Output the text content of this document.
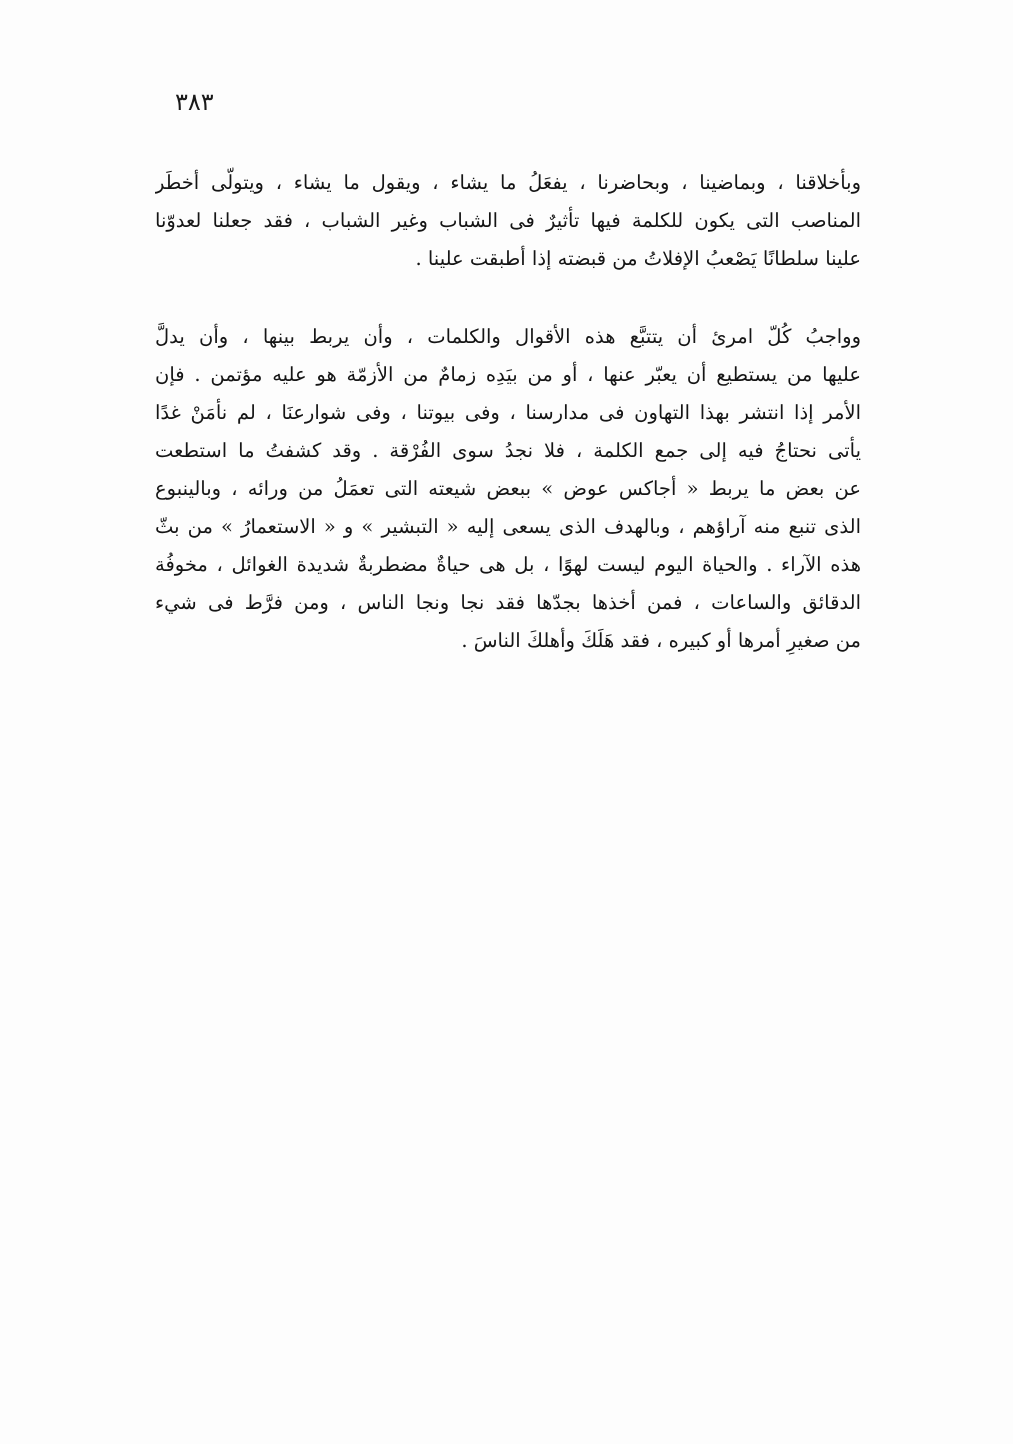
٣٨٣
وبأخلاقنا ، وبماضينا ، وبحاضرنا ، يفعَلُ ما يشاء ، ويقول ما يشاء ، ويتولّى أخطَر
المناصب التى يكون للكلمة فيها تأثيرٌ فى الشباب وغير الشباب ، فقد جعلنا لعدوّنا
علينا سلطانًا يَصْعبُ الإفلاتُ من قبضته إذا أطبقت علينا .
وواجبُ كُلّ امرئ أن يتتبَّع هذه الأقوال والكلمات ، وأن يربط بينها ، وأن يدلَّ
عليها من يستطيع أن يعبّر عنها ، أو من بيَدِه زمامٌ من الأزمّة هو عليه مؤتمن . فإن
الأمر إذا انتشر بهذا التهاون فى مدارسنا ، وفى بيوتنا ، وفى شوارعنَا ، لم نأمَنْ غدًا
يأتى نحتاجُ فيه إلى جمع الكلمة ، فلا نجدُ سوى الفُرْقة . وقد كشفتُ ما استطعت
عن بعض ما يربط « أجاكس عوض » ببعض شيعته التى تعمَلُ من ورائه ، وبالينبوع
الذى تنبع منه آراؤهم ، وبالهدف الذى يسعى إليه « التبشير » و « الاستعمارُ » من بثّ
هذه الآراء . والحياة اليوم ليست لهوًا ، بل هى حياةٌ مضطربةٌ شديدة الغوائل ، مخوفُة
الدقائق والساعات ، فمن أخذها بجدّها فقد نجا ونجا الناس ، ومن فرَّط فى شيء
من صغيرِ أمرها أو كبيره ، فقد هَلَكَ وأهلكَ الناسَ .
